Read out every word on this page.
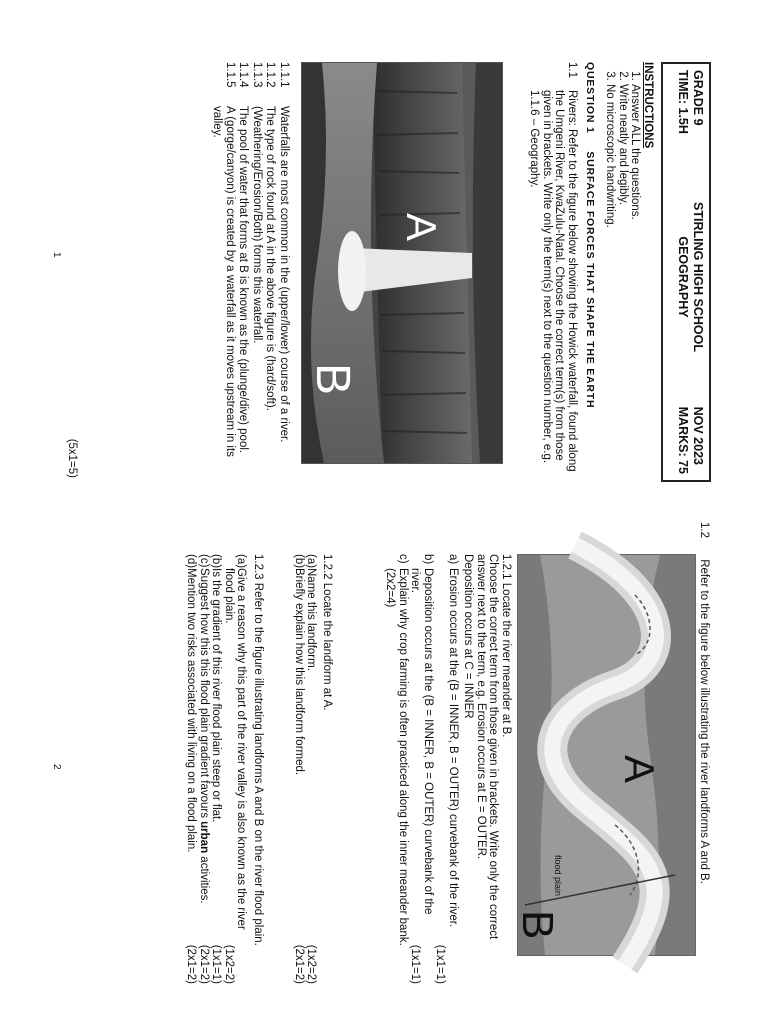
GRADE 9
TIME: 1.5H
STIRLING HIGH SCHOOL
GEOGRAPHY
NOV 2023
MARKS: 75
INSTRUCTIONS
1. Answer ALL the questions.
2. Write neatly and legibly.
3. No microscopic handwriting.
QUESTION 1 SURFACE FORCES THAT SHAPE THE EARTH
1.1
Rivers: Refer to the figure below showing the Howick waterfall, found along the Umgeni River, KwaZulu-Natal. Choose the correct term(s) from those given in brackets. Write only the term(s) next to the question number, e.g. 1.1.6 – Geography.
A
B
1.1.1
Waterfalls are most common in the (upper/lower) course of a river.
1.1.2
The type of rock found at A in the above figure is (hard/soft).
1.1.3
(Weathering/Erosion/Both) forms this waterfall.
1.1.4
The pool of water that forms at B is known as the (plunge/dive) pool.
1.1.5
A (gorge/canyon) is created by a waterfall as it moves upstream in its valley.
(5x1=5)
1
1.2 Refer to the figure below illustrating the river landforms A and B.
A
B
flood plain
1.2.1 Locate the river meander at B.
Choose the correct term from those given in brackets. Write only the correct
answer next to the term, e.g. Erosion occurs at E = OUTER.
Deposition occurs at C = INNER
a)
Erosion occurs at the (B = INNER, B = OUTER) curvebank of the river.
(1x1=1)
b)
Deposition occurs at the (B = INNER, B = OUTER) curvebank of the
river.
(1x1=1)
c)
Explain why crop farming is often practiced along the inner meander bank.
(2x2=4)
1.2.2 Locate the landform at A.
(a)
Name this landform.
(1x2=2)
(b)
Briefly explain how this landform formed.
(2x1=2)
1.2.3 Refer to the figure illustrating landforms A and B on the river flood plain.
(a)
Give a reason why this part of the river valley is also known as the river
flood plain.
(1x2=2)
(b)
Is the gradient of this river flood plain steep or flat.
(1x1=1)
(c)
Suggest how this this flood plain gradient favours urban activities.
(2x1=2)
(d)
Mention two risks associated with living on a flood plain.
(2x1=2)
2
